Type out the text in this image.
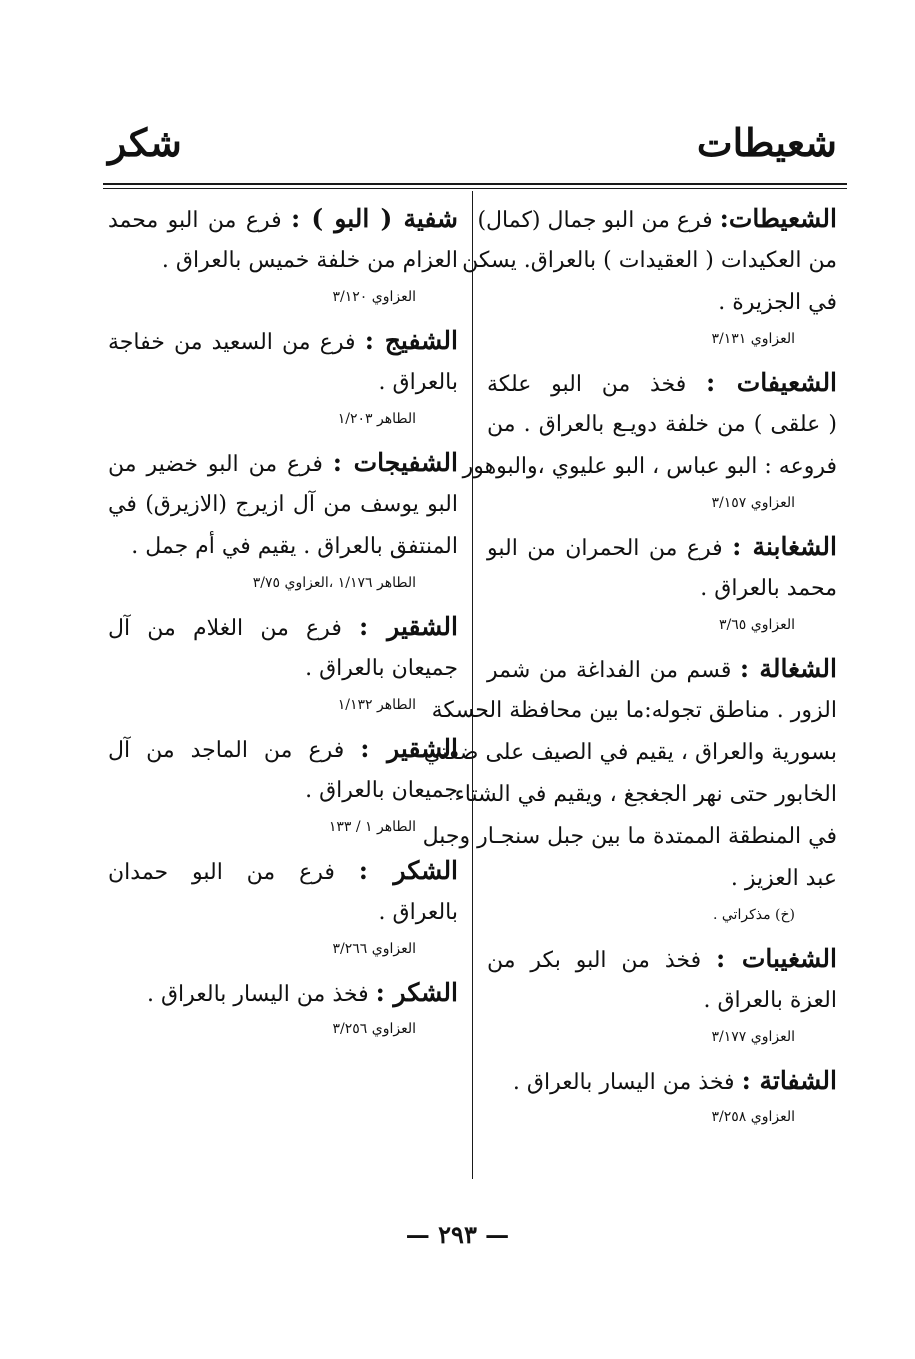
شعيطات
شكر
الشعيطات: فرع من البو جمال (كمال)
من العكيدات ( العقيدات ) بالعراق. يسكن
في الجزيرة .
العزاوي ٣/١٣١
الشعيفات : فخذ من البو علكة
( علقى ) من خلفة دويـع بالعراق . من
فروعه : البو عباس ، البو عليوي ،والبوهور
العزاوي ٣/١٥٧
الشغابنة : فرع من الحمران من البو
محمد بالعراق .
العزاوي ٣/٦٥
الشغالة : قسم من الفداغة من شمر
الزور . مناطق تجوله:ما بين محافظة الحسكة
بسورية والعراق ، يقيم في الصيف على ضفتي
الخابور حتى نهر الجغجغ ، ويقيم في الشتاء
في المنطقة الممتدة ما بين جبل سنجـار وجبل
عبد العزيز .
(خ) مذكراتي .
الشغيبات : فخذ من البو بكر من
العزة بالعراق .
العزاوي ٣/١٧٧
الشفاتة : فخذ من اليسار بالعراق .
العزاوي ٣/٢٥٨
شفية ( البو ) : فرع من البو محمد
العزام من خلفة خميس بالعراق .
العزاوي ٣/١٢٠
الشفيج : فرع من السعيد من خفاجة
بالعراق .
الطاهر ١/٢٠٣
الشفيجات : فرع من البو خضير من
البو يوسف من آل ازيرج (الازيرق) في
المنتفق بالعراق . يقيم في أم جمل .
الطاهر ١/١٧٦ ،العزاوي ٣/٧٥
الشقير : فرع من الغلام من آل
جميعان بالعراق .
الطاهر ١/١٣٢
الشقير : فرع من الماجد من آل
جميعان بالعراق .
الطاهر ١ / ١٣٣
الشكر : فرع من البو حمدان
بالعراق .
العزاوي ٣/٢٦٦
الشكر : فخذ من اليسار بالعراق .
العزاوي ٣/٢٥٦
— ٢٩٣ —
